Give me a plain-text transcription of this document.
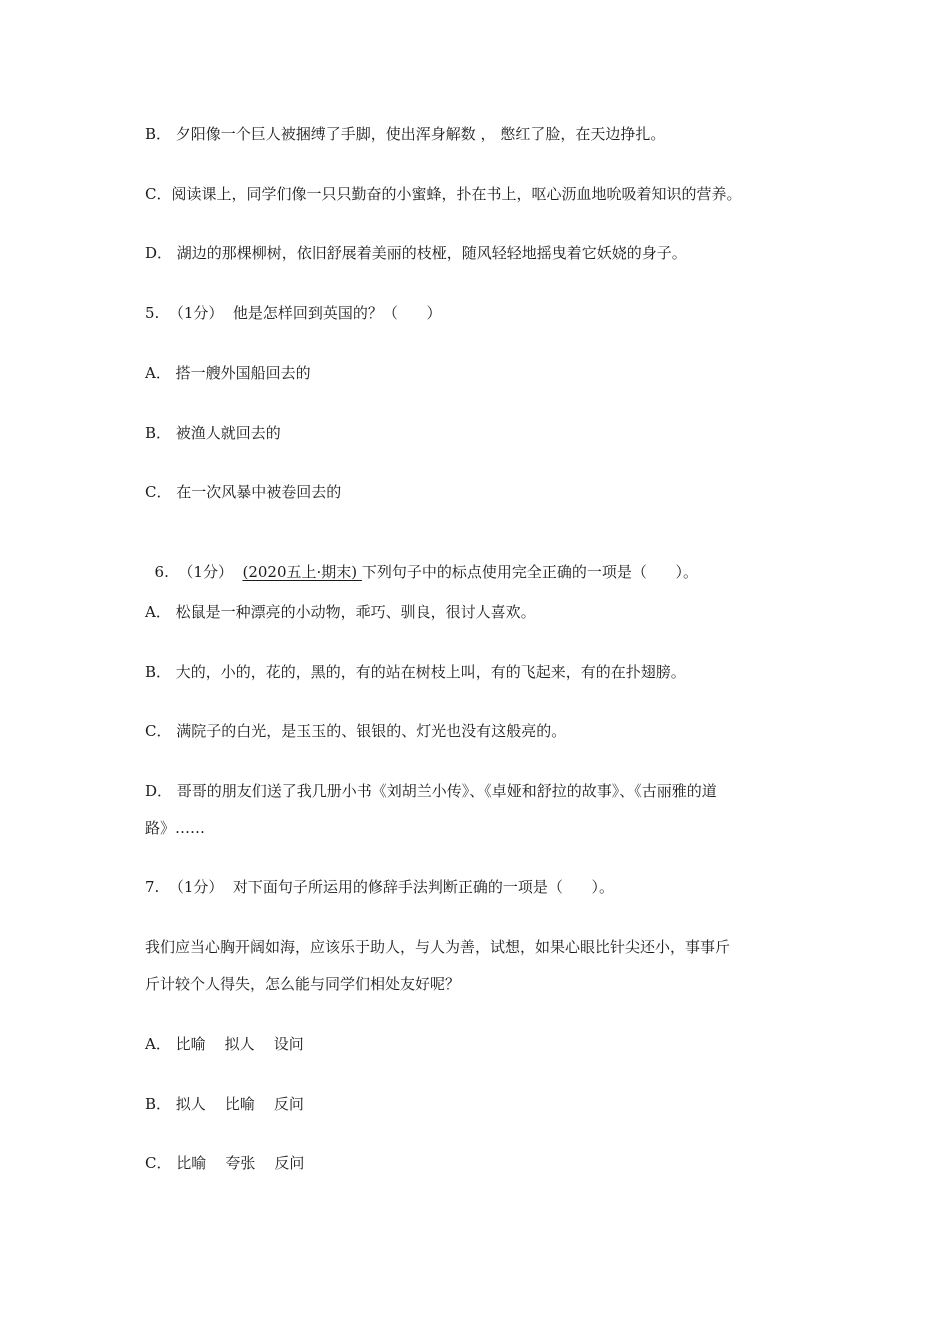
B． 夕阳像一个巨人被捆缚了手脚，使出浑身解数 ， 憋红了脸，在天边挣扎。
C．阅读课上，同学们像一只只勤奋的小蜜蜂，扑在书上，呕心沥血地吮吸着知识的营养。
D． 湖边的那棵柳树，依旧舒展着美丽的枝桠，随风轻轻地摇曳着它妖娆的身子。
5.  （1分）  他是怎样回到英国的？（      ）
A． 搭一艘外国船回去的
B． 被渔人就回去的
C． 在一次风暴中被卷回去的

6.  （1分）  (2020五上·期末) 下列句子中的标点使用完全正确的一项是（      ）。

A． 松鼠是一种漂亮的小动物，乖巧、驯良，很讨人喜欢。
B． 大的，小的，花的，黑的，有的站在树枝上叫，有的飞起来，有的在扑翅膀。
C． 满院子的白光，是玉玉的、银银的、灯光也没有这般亮的。
D． 哥哥的朋友们送了我几册小书《刘胡兰小传》、《卓娅和舒拉的故事》、《古丽雅的道
路》……
7.  （1分）  对下面句子所运用的修辞手法判断正确的一项是（      ）。
我们应当心胸开阔如海，应该乐于助人，与人为善，试想，如果心眼比针尖还小，事事斤
斤计较个人得失，怎么能与同学们相处友好呢？
A． 比喻    拟人    设问
B． 拟人    比喻    反问
C． 比喻    夸张    反问
